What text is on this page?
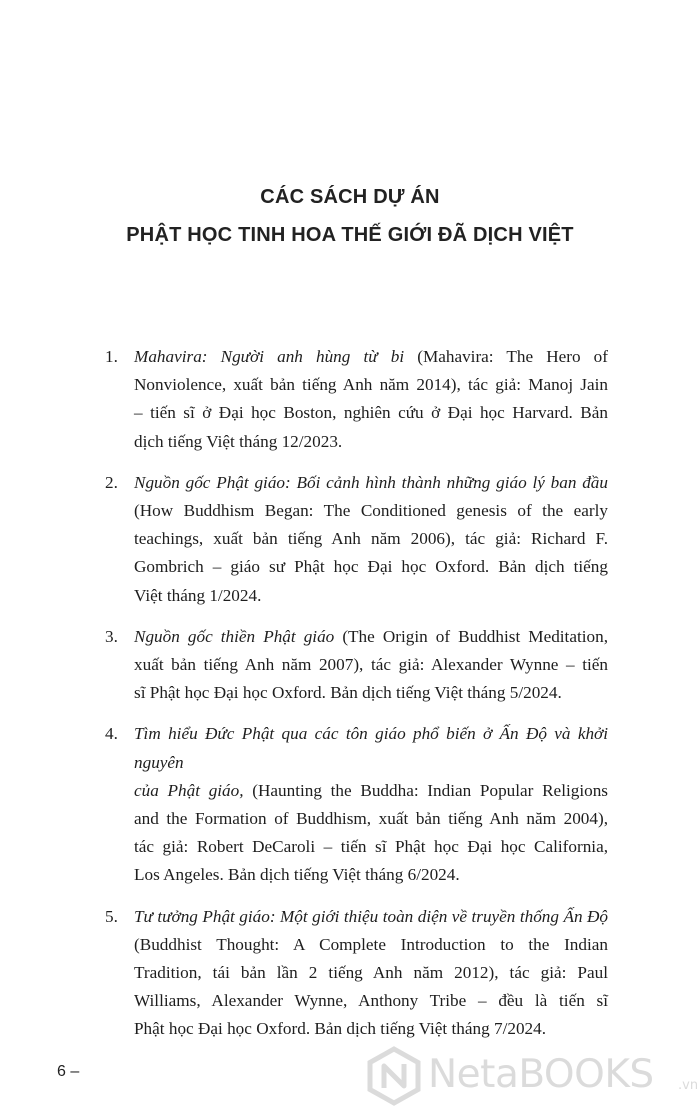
CÁC SÁCH DỰ ÁN
PHẬT HỌC TINH HOA THẾ GIỚI ĐÃ DỊCH VIỆT
1. Mahavira: Người anh hùng từ bi (Mahavira: The Hero of
Nonviolence, xuất bản tiếng Anh năm 2014), tác giả: Manoj Jain
– tiến sĩ ở Đại học Boston, nghiên cứu ở Đại học Harvard. Bản
dịch tiếng Việt tháng 12/2023.
2. Nguồn gốc Phật giáo: Bối cảnh hình thành những giáo lý ban đầu
(How Buddhism Began: The Conditioned genesis of the early
teachings, xuất bản tiếng Anh năm 2006), tác giả: Richard F.
Gombrich – giáo sư Phật học Đại học Oxford. Bản dịch tiếng
Việt tháng 1/2024.
3. Nguồn gốc thiền Phật giáo (The Origin of Buddhist Meditation,
xuất bản tiếng Anh năm 2007), tác giả: Alexander Wynne – tiến
sĩ Phật học Đại học Oxford. Bản dịch tiếng Việt tháng 5/2024.
4. Tìm hiểu Đức Phật qua các tôn giáo phổ biến ở Ấn Độ và khởi nguyên
của Phật giáo, (Haunting the Buddha: Indian Popular Religions
and the Formation of Buddhism, xuất bản tiếng Anh năm 2004),
tác giả: Robert DeCaroli – tiến sĩ Phật học Đại học California,
Los Angeles. Bản dịch tiếng Việt tháng 6/2024.
5. Tư tưởng Phật giáo: Một giới thiệu toàn diện về truyền thống Ấn Độ
(Buddhist Thought: A Complete Introduction to the Indian
Tradition, tái bản lần 2 tiếng Anh năm 2012), tác giả: Paul
Williams, Alexander Wynne, Anthony Tribe – đều là tiến sĩ
Phật học Đại học Oxford. Bản dịch tiếng Việt tháng 7/2024.
6 –	NetaBOOKS .vn
